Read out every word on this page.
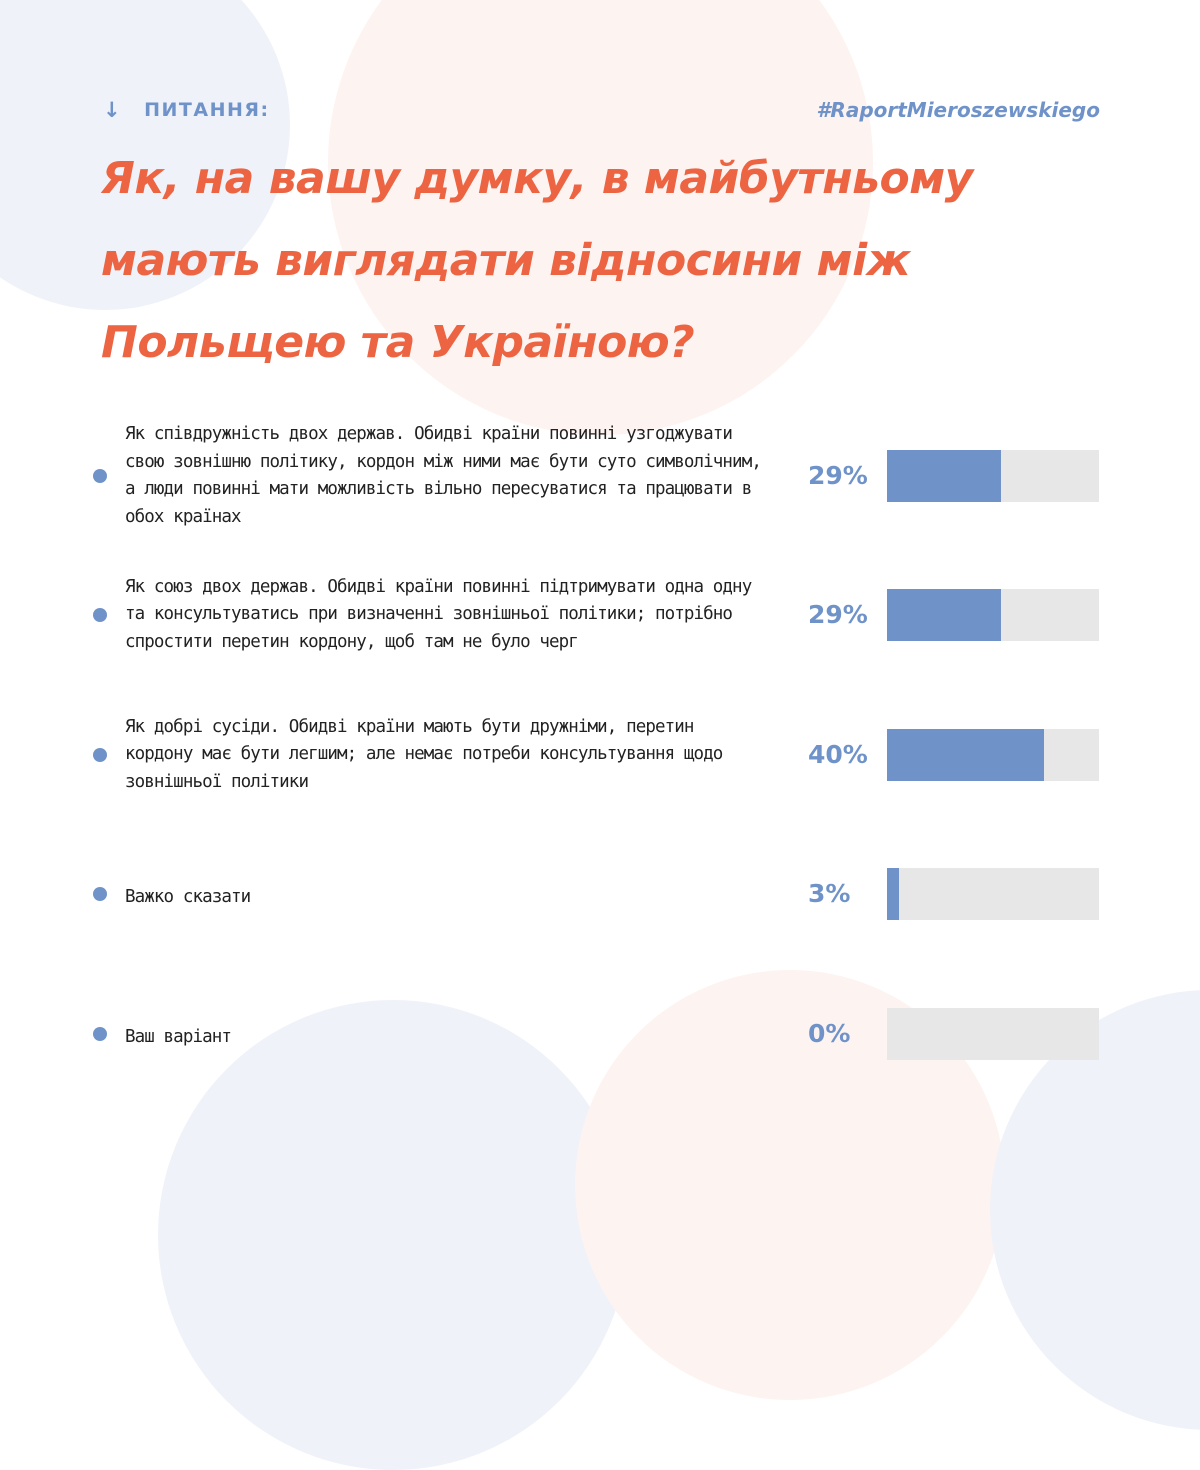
↓ ПИТАННЯ:	#RaportMieroszewskiego
Як, на вашу думку, в майбутньому мають виглядати відносини між Польщею та Україною?
Як співдружність двох держав. Обидві країни повинні узгоджувати свою зовнішню політику, кордон між ними має бути суто символічним, а люди повинні мати можливість вільно пересуватися та працювати в обох країнах
29%
Як союз двох держав. Обидві країни повинні підтримувати одна одну та консультуватись при визначенні зовнішньої політики; потрібно спростити перетин кордону, щоб там не було черг
29%
Як добрі сусіди. Обидві країни мають бути дружніми, перетин кордону має бути легшим; але немає потреби консультування щодо зовнішньої політики
40%
Важко сказати	3%
Ваш варіант	0%
